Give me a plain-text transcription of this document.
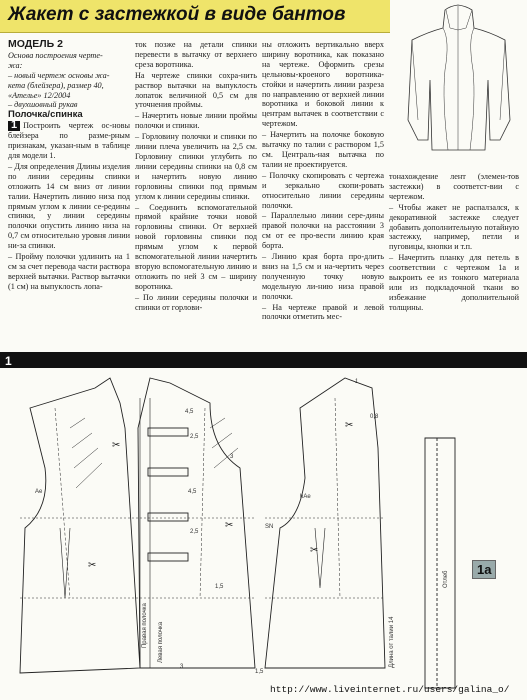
Жакет с застежкой в виде бантов

МОДЕЛЬ 2

Основа построения черте-
жа:
– новый чертеж основы жа-
кета (блейзера), размер 40,
«Ателье» 12/2004
– двухшовный рукав

Полочка/спинка

1 Построить чертеж ос-новы блейзера по разме-рным признакам, указан-ным в таблице для модели 1.

– Для определения Длины изделия по линии середины спинки отложить 14 см вниз от линии талии. Начертить линию низа под прямым углом к линии се-редины спинки, у линии середины полочки опустить линию низа на 0,7 см относительно уровня линии ни-за спинки.

– Пройму полочки удлинить на 1 см за счет перевода части раствора верхней вытачки. Раствор вытачки (1 см) на выпуклость лопа-

ток позже на детали спинки перевести в вытачку от верхнего среза воротника.

На чертеже спинки сохра-нить раствор вытачки на выпуклость лопаток величиной 0,5 см для уточнения проймы.

– Начертить новые линии проймы полочки и спинки.

– Горловину полочки и спинки по линии плеча увеличить на 2,5 см. Горловину спинки углубить по линии середины спинки на 0,8 см и начертить новую линию горловины спинки под прямым углом к линии середины спинки.

– Соединить вспомогательной прямой крайние точки новой горловины спинки. От верхней новой горловины спинки под прямым углом к первой вспомогательной линии начертить вторую вспомогательную линию и отложить по ней 3 см – ширину воротника.

– По линии середины полочки и спинки от горлови-

ны отложить вертикально вверх ширину воротника, как показано на чертеже. Оформить срезы цельновы-кроеного воротника-стойки и начертить линии разреза по направлению от верхней линии воротника и боковой линии к центрам вытачек в соответствии с чертежом.

– Начертить на полочке боковую вытачку по талии с раствором 1,5 см. Централь-ная вытачка по талии не проектируется.

– Полочку скопировать с чертежа и зеркально скопи-ровать относительно линии середины полочки.

– Параллельно линии сере-дины правой полочки на расстоянии 3 см от ее про-вести линию края борта.

– Линию края борта про-длить вниз на 1,5 см и на-чертить через полученную точку новую модельную ли-нию низа правой полочки.

– На чертеже правой и левой полочки отметить мес-

тонахождение лент (элемен-тов застежки) в соответст-вии с чертежом.

– Чтобы жакет не распалзался, к декоративной застежке следует добавить дополнительную потайную застежку, например, петли и пуговицы, кнопки и т.п.

– Начертить планку для петель в соответствии с чертежом 1а и выкроить ее из тонкого материала или из подкладочной ткани во избежание дополнительной толщины.

1
✂
✂
✂
✂
✂
Ае
hAe
SN
1,5
1,5
3
0,8
4,5
2,5
4,5
2,5
1
3
Левая полочка
Правая полочка	Длина от талии 14
Отлеб
1а
http://www.liveinternet.ru/users/galina_o/
